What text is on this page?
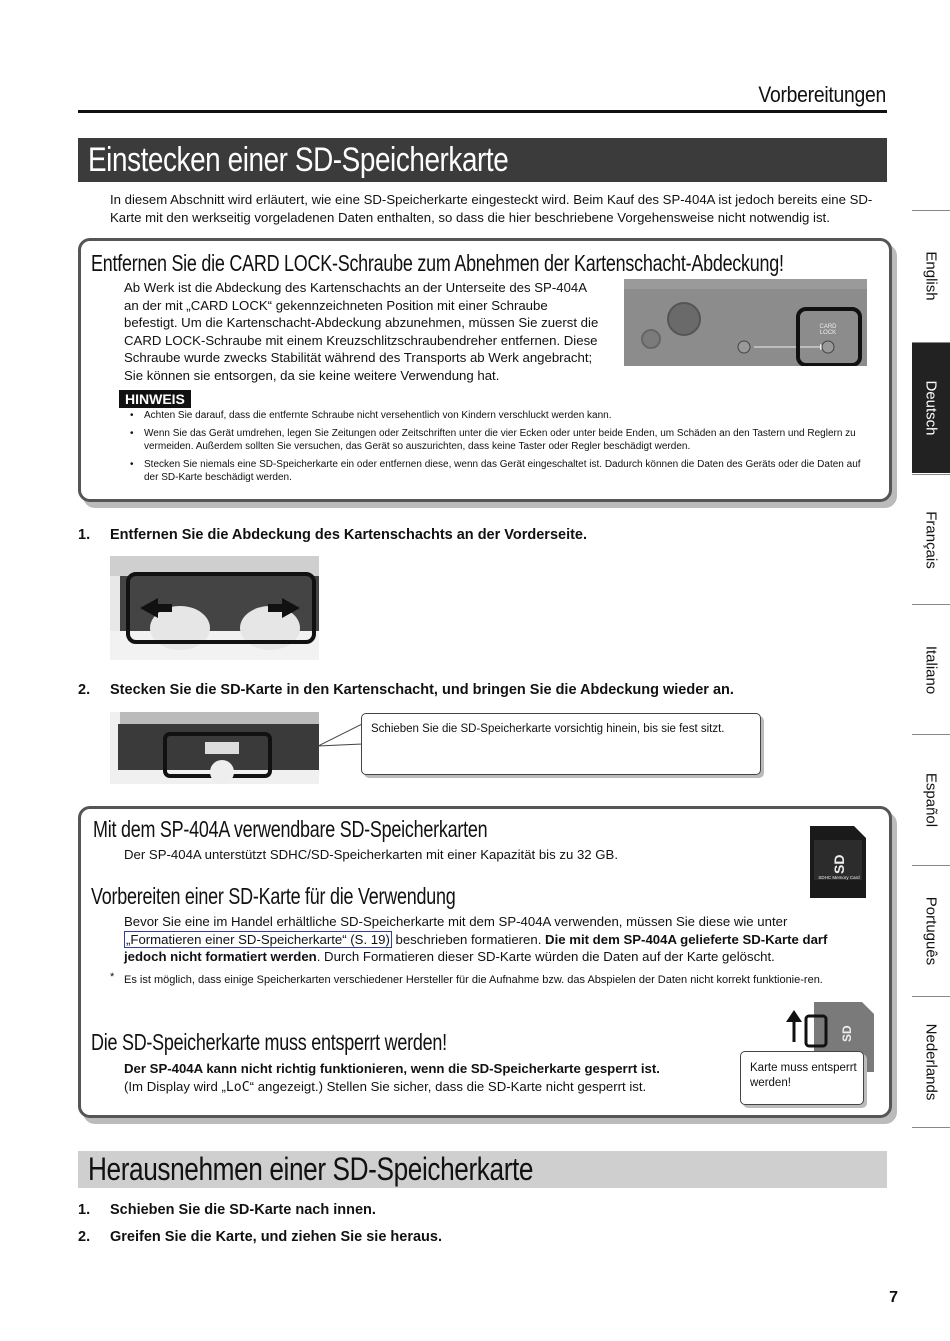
Vorbereitungen
Einstecken einer SD-Speicherkarte
In diesem Abschnitt wird erläutert, wie eine SD-Speicherkarte eingesteckt wird. Beim Kauf des SP-404A ist jedoch bereits eine SD-Karte mit den werkseitig vorgeladenen Daten enthalten, so dass die hier beschriebene Vorgehensweise nicht notwendig ist.
Entfernen Sie die CARD LOCK-Schraube zum Abnehmen der Kartenschacht-Abdeckung!
Ab Werk ist die Abdeckung des Kartenschachts an der Unterseite des SP-404A an der mit „CARD LOCK“ gekennzeichneten Position mit einer Schraube befestigt. Um die Kartenschacht-Abdeckung abzunehmen, müssen Sie zuerst die CARD LOCK-Schraube mit einem Kreuzschlitzschraubendreher entfernen. Diese Schraube wurde zwecks Stabilität während des Transports ab Werk angebracht; Sie können sie entsorgen, da sie keine weitere Verwendung hat.
CARD LOCK
HINWEIS
• Achten Sie darauf, dass die entfernte Schraube nicht versehentlich von Kindern verschluckt werden kann.
• Wenn Sie das Gerät umdrehen, legen Sie Zeitungen oder Zeitschriften unter die vier Ecken oder unter beide Enden, um Schäden an den Tastern und Reglern zu vermeiden. Außerdem sollten Sie versuchen, das Gerät so auszurichten, dass keine Taster oder Regler beschädigt werden.
• Stecken Sie niemals eine SD-Speicherkarte ein oder entfernen diese, wenn das Gerät eingeschaltet ist. Dadurch können die Daten des Geräts oder die Daten auf der SD-Karte beschädigt werden.
1. Entfernen Sie die Abdeckung des Kartenschachts an der Vorderseite.
2. Stecken Sie die SD-Karte in den Kartenschacht, und bringen Sie die Abdeckung wieder an.
Schieben Sie die SD-Speicherkarte vorsichtig hinein, bis sie fest sitzt.
Mit dem SP-404A verwendbare SD-Speicherkarten
Der SP-404A unterstützt SDHC/SD-Speicherkarten mit einer Kapazität bis zu 32 GB.
SD
SDHC Memory Card
Vorbereiten einer SD-Karte für die Verwendung
Bevor Sie eine im Handel erhältliche SD-Speicherkarte mit dem SP-404A verwenden, müssen Sie diese wie unter
„Formatieren einer SD-Speicherkarte“ (S. 19) beschrieben formatieren. Die mit dem SP-404A gelieferte SD-Karte darf jedoch nicht formatiert werden. Durch Formatieren dieser SD-Karte würden die Daten auf der Karte gelöscht.
* Es ist möglich, dass einige Speicherkarten verschiedener Hersteller für die Aufnahme bzw. das Abspielen der Daten nicht korrekt funktionie-ren.
Die SD-Speicherkarte muss entsperrt werden!
Der SP-404A kann nicht richtig funktionieren, wenn die SD-Speicherkarte gesperrt ist.
(Im Display wird „LoC“ angezeigt.) Stellen Sie sicher, dass die SD-Karte nicht gesperrt ist.
SD
Karte muss entsperrt werden!
Herausnehmen einer SD-Speicherkarte
1. Schieben Sie die SD-Karte nach innen.
2. Greifen Sie die Karte, und ziehen Sie sie heraus.
English
Deutsch
Français
Italiano
Español
Português
Nederlands
7
